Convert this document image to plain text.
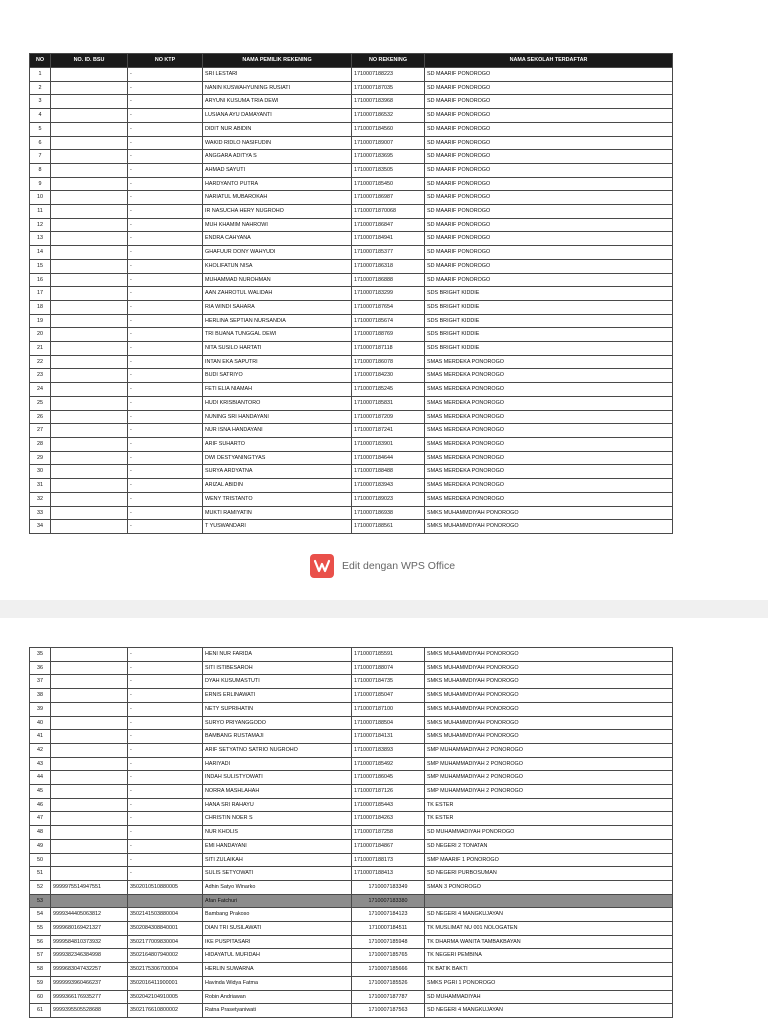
NO	NO. ID. BSU	NO KTP	NAMA PEMILIK REKENING	NO REKENING	NAMA SEKOLAH TERDAFTAR
1		-	SRI LESTARI	1710007188223	SD MAARIF PONOROGO
2		-	NANIN KUSWAHYUNING RUSIATI	1710007187035	SD MAARIF PONOROGO
3		-	ARYUNI KUSUMA TRIA DEWI	1710007183968	SD MAARIF PONOROGO
4		-	LUSIANA AYU DAMAYANTI	1710007186532	SD MAARIF PONOROGO
5		-	DIDIT NUR ABIDIN	1710007184560	SD MAARIF PONOROGO
6		-	WAKID RIDLO NASIFUDIN	1710007189007	SD MAARIF PONOROGO
7		-	ANGGARA ADITYA S	1710007183695	SD MAARIF PONOROGO
8		-	AHMAD SAYUTI	1710007183505	SD MAARIF PONOROGO
9		-	HARDYANTO PUTRA	1710007185450	SD MAARIF PONOROGO
10		-	NARIATUL MUBAROKAH	1710007186987	SD MAARIF PONOROGO
11		-	IR NASUCHA HERY NUGROHO	17100071870068	SD MAARIF PONOROGO
12		-	MUH KHAMIM NAHROWI	1710007186847	SD MAARIF PONOROGO
13		-	ENDRA CAHYANA	1710007184941	SD MAARIF PONOROGO
14		-	GHAFUUR DONY WAHYUDI	1710007185377	SD MAARIF PONOROGO
15		-	KHOLIFATUN NISA	1710007186318	SD MAARIF PONOROGO
16		-	MUHAMMAD NUROHMAN	1710007186888	SD MAARIF PONOROGO
17		-	AAN ZAHROTUL WALIDAH	1710007183299	SDS BRIGHT KIDDIE
18		-	RIA WINDI SAHARA	1710007187654	SDS BRIGHT KIDDIE
19		-	HERLINA SEPTIAN NURSANDIA	1710007185674	SDS BRIGHT KIDDIE
20		-	TRI BUANA TUNGGAL DEWI	1710007188769	SDS BRIGHT KIDDIE
21		-	NITA SUSILO HARTATI	1710007187118	SDS BRIGHT KIDDIE
22		-	INTAN EKA SAPUTRI	1710007186078	SMAS MERDEKA PONOROGO
23		-	BUDI SATRIYO	1710007184230	SMAS MERDEKA PONOROGO
24		-	FETI ELIA NIAMAH	1710007185245	SMAS MERDEKA PONOROGO
25		-	HUDI KRISBIANTORO	1710007185831	SMAS MERDEKA PONOROGO
26		-	NUNING SRI HANDAYANI	1710007187209	SMAS MERDEKA PONOROGO
27		-	NUR ISNA HANDAYANI	1710007187241	SMAS MERDEKA PONOROGO
28		-	ARIF SUHARTO	1710007183901	SMAS MERDEKA PONOROGO
29		-	DWI DESTYANINGTYAS	1710007184644	SMAS MERDEKA PONOROGO
30		-	SURYA ARDYATNA	1710007188488	SMAS MERDEKA PONOROGO
31		-	ARIZAL ABIDIN	1710007183943	SMAS MERDEKA PONOROGO
32		-	WENY TRISTANTO	1710007189023	SMAS MERDEKA PONOROGO
33		-	MUKTI RAMIYATIN	1710007186938	SMKS MUHAMMDIYAH PONOROGO
34		-	T YUSWANDARI	1710007188561	SMKS MUHAMMDIYAH PONOROGO
Edit dengan WPS Office
35		-	HENI NUR FARIDA	1710007185591	SMKS MUHAMMDIYAH PONOROGO
36		-	SITI ISTIBESAROH	1710007188074	SMKS MUHAMMDIYAH PONOROGO
37		-	DYAH KUSUMASTUTI	1710007184735	SMKS MUHAMMDIYAH PONOROGO
38		-	ERNIS ERLINAWATI	1710007185047	SMKS MUHAMMDIYAH PONOROGO
39		-	NETY SUPRIHATIN	1710007187100	SMKS MUHAMMDIYAH PONOROGO
40		-	SURYO PRIYANGGODO	1710007188504	SMKS MUHAMMDIYAH PONOROGO
41		-	BAMBANG RUSTAMAJI	1710007184131	SMKS MUHAMMDIYAH PONOROGO
42		-	ARIF SETYATNO SATRIO NUGROHO	1710007183893	SMP MUHAMMADIYAH 2 PONOROGO
43		-	HARIYADI	1710007185492	SMP MUHAMMADIYAH 2 PONOROGO
44		-	INDAH SULISTYOWATI	1710007186045	SMP MUHAMMADIYAH 2 PONOROGO
45		-	NORRA MASHLAHAH	1710007187126	SMP MUHAMMADIYAH 2 PONOROGO
46		-	HANA SRI RAHAYU	1710007185443	TK ESTER
47		-	CHRISTIN NOER S	1710007184263	TK ESTER
48		-	NUR KHOLIS	1710007187258	SD MUHAMMADIYAH PONOROGO
49		-	EMI HANDAYANI	1710007184867	SD NEGERI 2 TONATAN
50		-	SITI ZULAIKAH	1710007188173	SMP MAARIF 1 PONOROGO
51		-	SULIS SETYOWATI	1710007188413	SD NEGERI PURBOSUMAN
52	9999975514947551	3502010510880005	Adhin Satyo Winarko	1710007183349	SMAN 3 PONOROGO
53			Afan Fatchuri	1710007183380	
54	9999344405063812	3502141503880004	Bambang Prakoso	1710007184123	SD NEGERI 4 MANGKUJAYAN
55	9999680169421327	3502084308840001	DIAN TRI SUSILAWATI	1710007184511	TK MUSLIMAT NU 001 NOLOGATEN
56	9999584810373932	3502177009830004	IKE PUSPITASARI	1710007185948	TK DHARMA WANITA TAMBAKBAYAN
57	9999382346384998	3502164807940002	HIDAYATUL MUFIDAH	1710007185765	TK NEGERI PEMBINA
58	9999683047432257	3502175306700004	HERLIN SUWARNA	1710007185666	TK BATIK BAKTI
59	9999993960466237	3502016411900001	Havinda Widya Fatma	1710007185526	SMKS PGRI 1 PONOROGO
60	9999366176935277	3502042104910005	Robin Andriawan	1710007187787	SD MUHAMMADIYAH
61	9999395505528688	3502176610800002	Ratna Prasetyaniwati	1710007187563	SD NEGERI 4 MANGKUJAYAN
